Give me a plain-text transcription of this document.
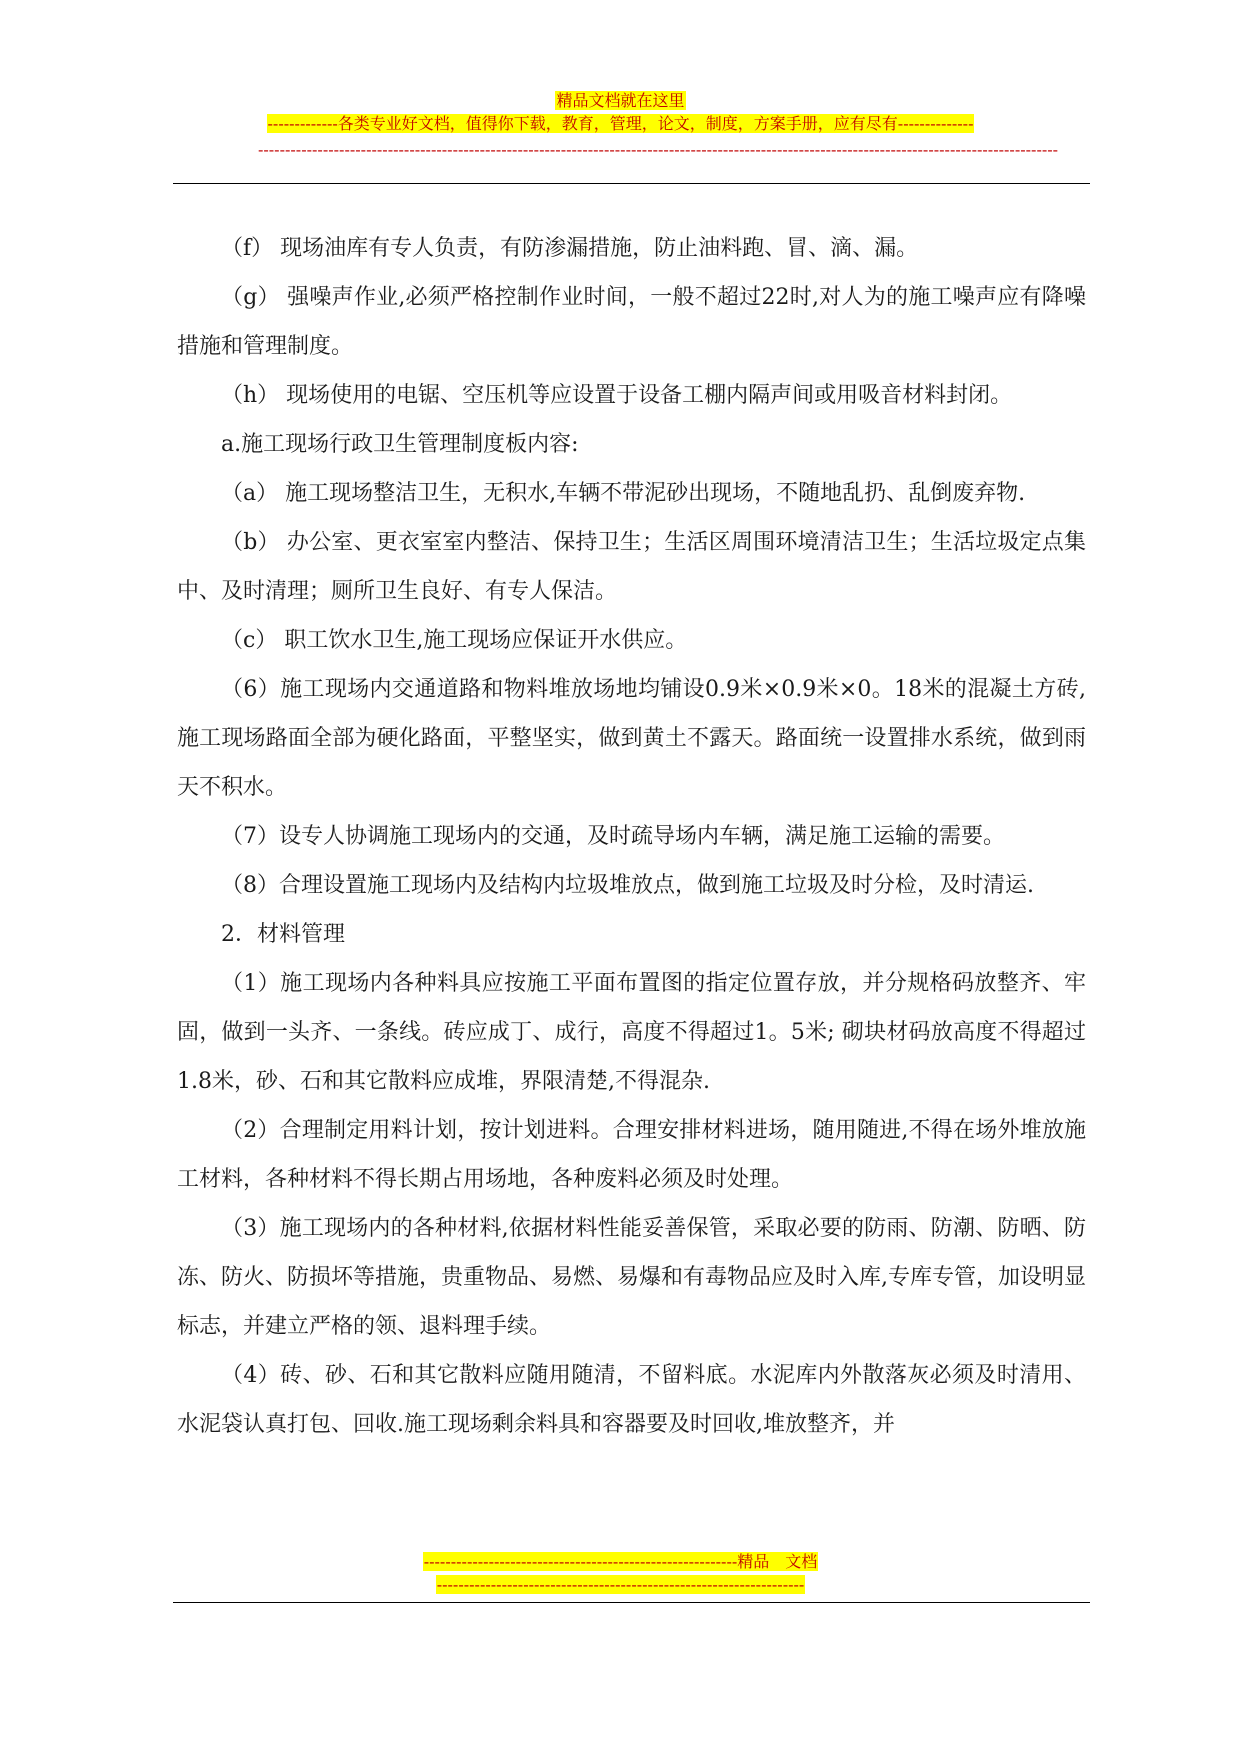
精品文档就在这里
-------------各类专业好文档，值得你下载，教育，管理，论文，制度，方案手册，应有尽有--------------
----------------------------------------------------------------------------------------------------------------------------------------------------

（f） 现场油库有专人负责，有防渗漏措施，防止油料跑、冒、滴、漏。

（g） 强噪声作业,必须严格控制作业时间，一般不超过22时,对人为的施工噪声应有降噪措施和管理制度。

（h） 现场使用的电锯、空压机等应设置于设备工棚内隔声间或用吸音材料封闭。

a.施工现场行政卫生管理制度板内容:

（a） 施工现场整洁卫生，无积水,车辆不带泥砂出现场，不随地乱扔、乱倒废弃物.

（b） 办公室、更衣室室内整洁、保持卫生；生活区周围环境清洁卫生；生活垃圾定点集中、及时清理；厕所卫生良好、有专人保洁。

（c） 职工饮水卫生,施工现场应保证开水供应。

（6）施工现场内交通道路和物料堆放场地均铺设0.9米×0.9米×0。18米的混凝土方砖,施工现场路面全部为硬化路面，平整坚实，做到黄土不露天。路面统一设置排水系统，做到雨天不积水。

（7）设专人协调施工现场内的交通，及时疏导场内车辆，满足施工运输的需要。

（8）合理设置施工现场内及结构内垃圾堆放点，做到施工垃圾及时分检，及时清运.

2．材料管理

（1）施工现场内各种料具应按施工平面布置图的指定位置存放，并分规格码放整齐、牢固，做到一头齐、一条线。砖应成丁、成行，高度不得超过1。5米; 砌块材码放高度不得超过1.8米，砂、石和其它散料应成堆，界限清楚,不得混杂.

（2）合理制定用料计划，按计划进料。合理安排材料进场，随用随进,不得在场外堆放施工材料，各种材料不得长期占用场地，各种废料必须及时处理。

（3）施工现场内的各种材料,依据材料性能妥善保管，采取必要的防雨、防潮、防晒、防冻、防火、防损坏等措施，贵重物品、易燃、易爆和有毒物品应及时入库,专库专管，加设明显标志，并建立严格的领、退料理手续。

（4）砖、砂、石和其它散料应随用随清，不留料底。水泥库内外散落灰必须及时清用、水泥袋认真打包、回收.施工现场剩余料具和容器要及时回收,堆放整齐，并

----------------------------------------------------------精品　文档
--------------------------------------------------------------------
